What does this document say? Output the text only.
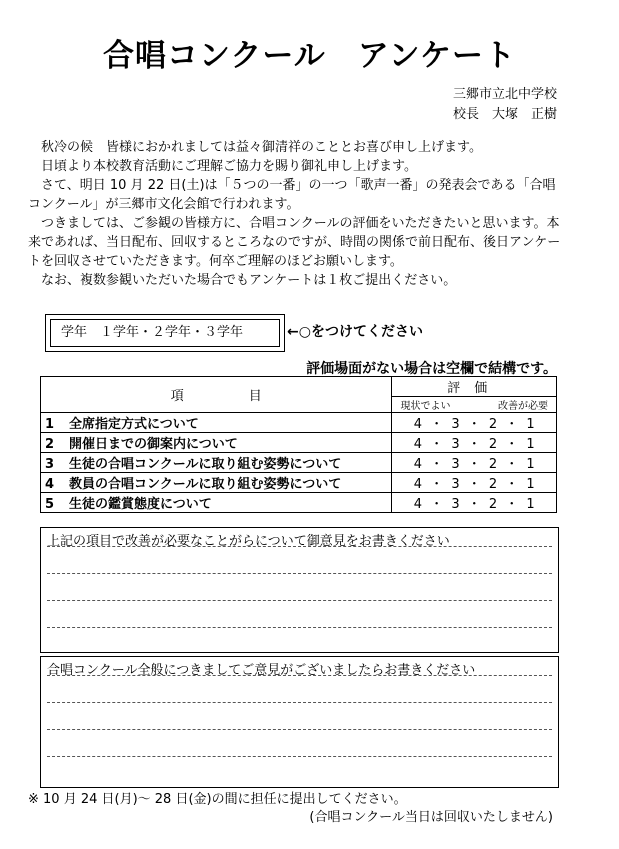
合唱コンクール　アンケート
三郷市立北中学校
校長　大塚　正樹

　秋冷の候　皆様におかれましては益々御清祥のこととお喜び申し上げます。

　日頃より本校教育活動にご理解ご協力を賜り御礼申し上げます。

　さて、明日 10 月 22 日(土)は「５つの一番」の一つ「歌声一番」の発表会である「合唱コンクール」が三郷市文化会館で行われます。

　つきましては、ご参観の皆様方に、合唱コンクールの評価をいただきたいと思います。本来であれば、当日配布、回収するところなのですが、時間の関係で前日配布、後日アンケートを回収させていただきます。何卒ご理解のほどお願いします。

　なお、複数参観いただいた場合でもアンケートは１枚ご提出ください。

学年　１学年・２学年・３学年	←○をつけてください
評価場面がない場合は空欄で結構です。
項　　　　　目	評価

	現状でよい 改善が必要

1 全席指定方式について	4 ・ 3 ・ 2 ・ 1
2 開催日までの御案内について	4 ・ 3 ・ 2 ・ 1
3 生徒の合唱コンクールに取り組む姿勢について	4 ・ 3 ・ 2 ・ 1
4 教員の合唱コンクールに取り組む姿勢について	4 ・ 3 ・ 2 ・ 1
5 生徒の鑑賞態度について	4 ・ 3 ・ 2 ・ 1
上記の項目で改善が必要なことがらについて御意見をお書きください
合唱コンクール全般につきましてご意見がございましたらお書きください
※ 10 月 24 日(月)～ 28 日(金)の間に担任に提出してください。
(合唱コンクール当日は回収いたしません)
